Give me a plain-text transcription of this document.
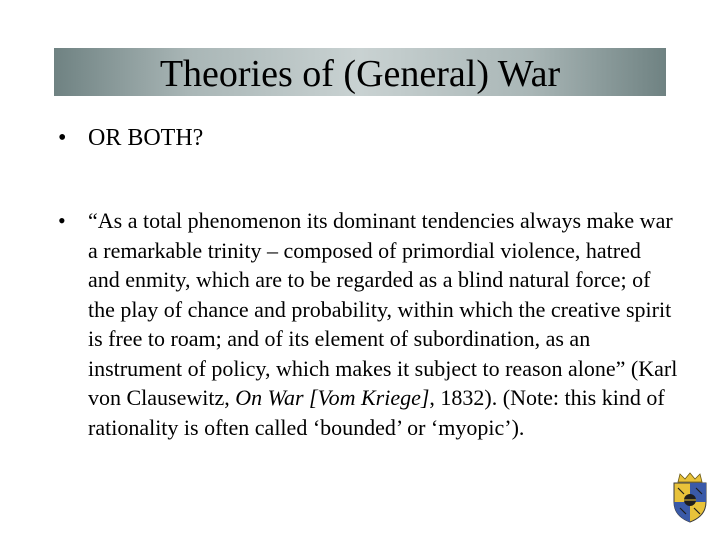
Theories of (General) War
• OR BOTH?
•	“As a total phenomenon its dominant tendencies always make war a remarkable trinity – composed of primordial violence, hatred and enmity, which are to be regarded as a blind natural force; of the play of chance and probability, within which the creative spirit is free to roam; and of its element of subordination, as an instrument of policy, which makes it subject to reason alone” (Karl von Clausewitz, On War [Vom Kriege], 1832). (Note: this kind of rationality is often called ‘bounded’ or ‘myopic’).
